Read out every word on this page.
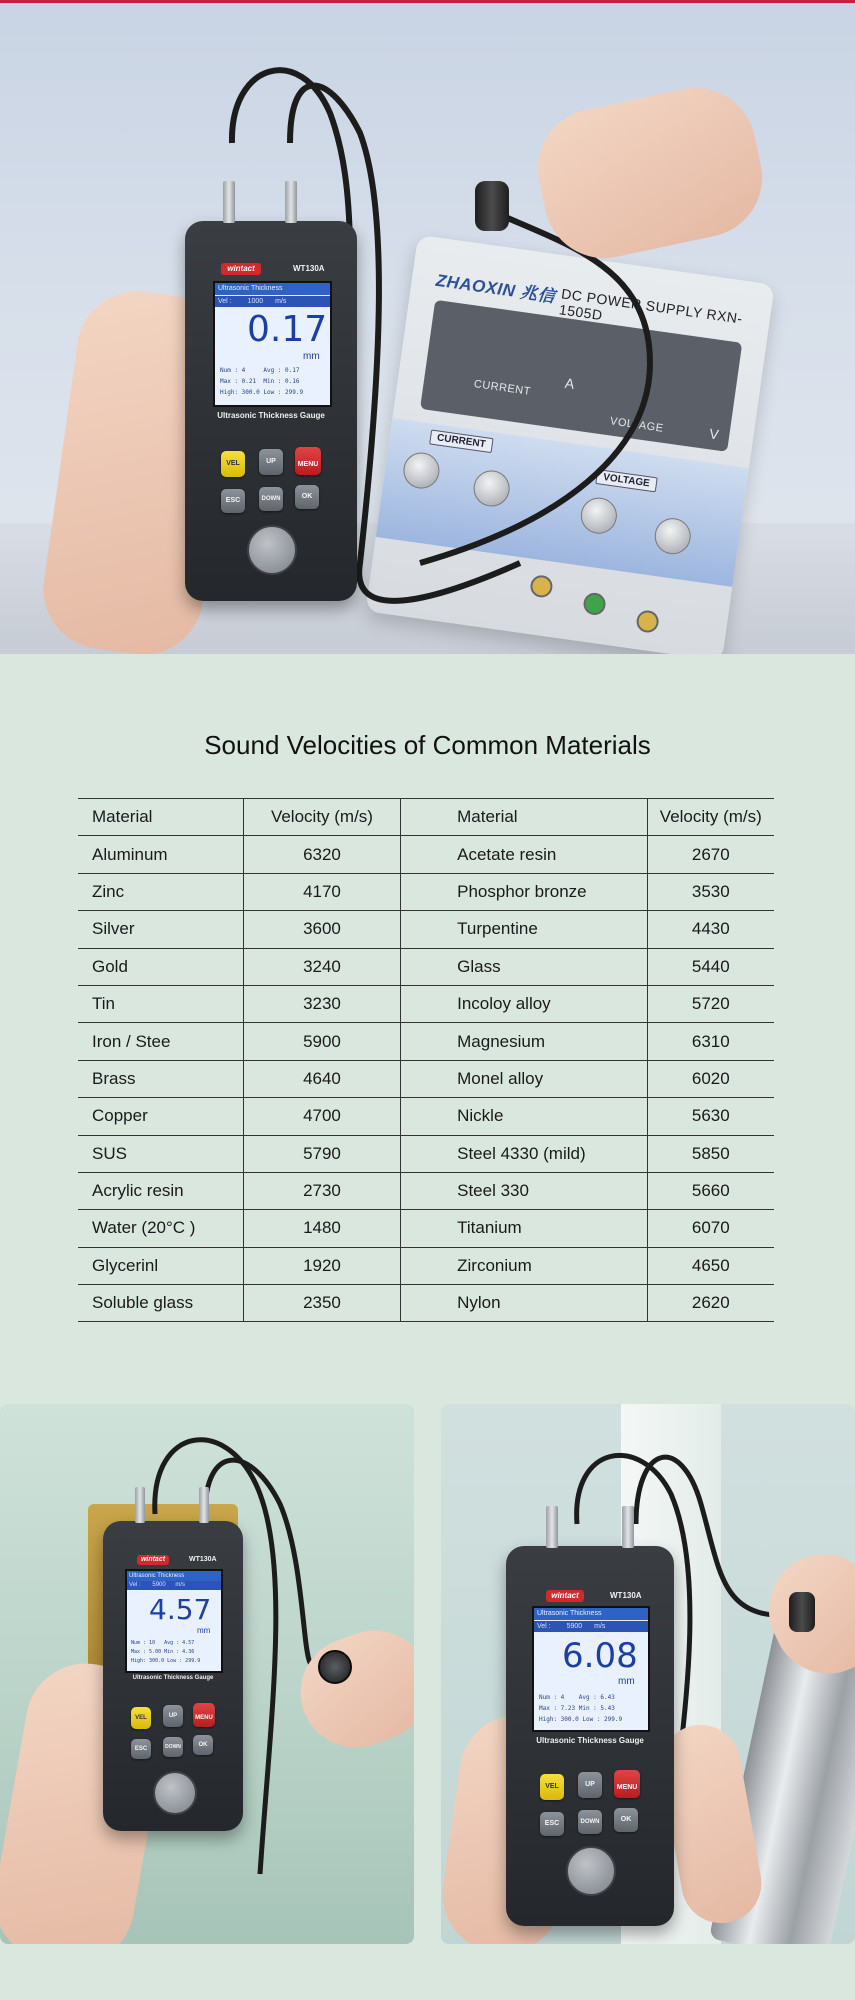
ZHAOXIN 兆信 DC POWER SUPPLY RXN-1505D
CURRENT A
VOLTAGE	V
CURRENT
VOLTAGE
wintact	WT130A
Ultrasonic Thickness
Vel : 1000 m/s
0.17
mm
Num : 4     Avg : 0.17
Max : 0.21  Min : 0.16
High: 300.0 Low : 299.9
Ultrasonic Thickness Gauge
VEL	UP	MENU
ESC	DOWN	OK
Sound Velocities of Common Materials
Material	Velocity (m/s)	Material	Velocity (m/s)
Aluminum	6320	Acetate resin	2670
Zinc	4170	Phosphor bronze	3530
Silver	3600	Turpentine	4430
Gold	3240	Glass	5440
Tin	3230	Incoloy alloy	5720
Iron / Stee	5900	Magnesium	6310
Brass	4640	Monel alloy	6020
Copper	4700	Nickle	5630
SUS	5790	Steel 4330 (mild)	5850
Acrylic resin	2730	Steel 330	5660
Water (20°C )	1480	Titanium	6070
Glycerinl	1920	Zirconium	4650
Soluble glass	2350	Nylon	2620
wintact	WT130A
Ultrasonic Thickness
Vel : 5900 m/s
4.57
mm
Num : 10   Avg : 4.57
Max : 5.00 Min : 4.36
High: 300.0 Low : 299.9
Ultrasonic Thickness Gauge
VEL	UP	MENU
ESC	DOWN	OK
wintact	WT130A
Ultrasonic Thickness
Vel : 5900 m/s
6.08
mm
Num : 4    Avg : 6.43
Max : 7.23 Min : 5.43
High: 300.0 Low : 299.9
Ultrasonic Thickness Gauge
VEL	UP	MENU
ESC	DOWN	OK
